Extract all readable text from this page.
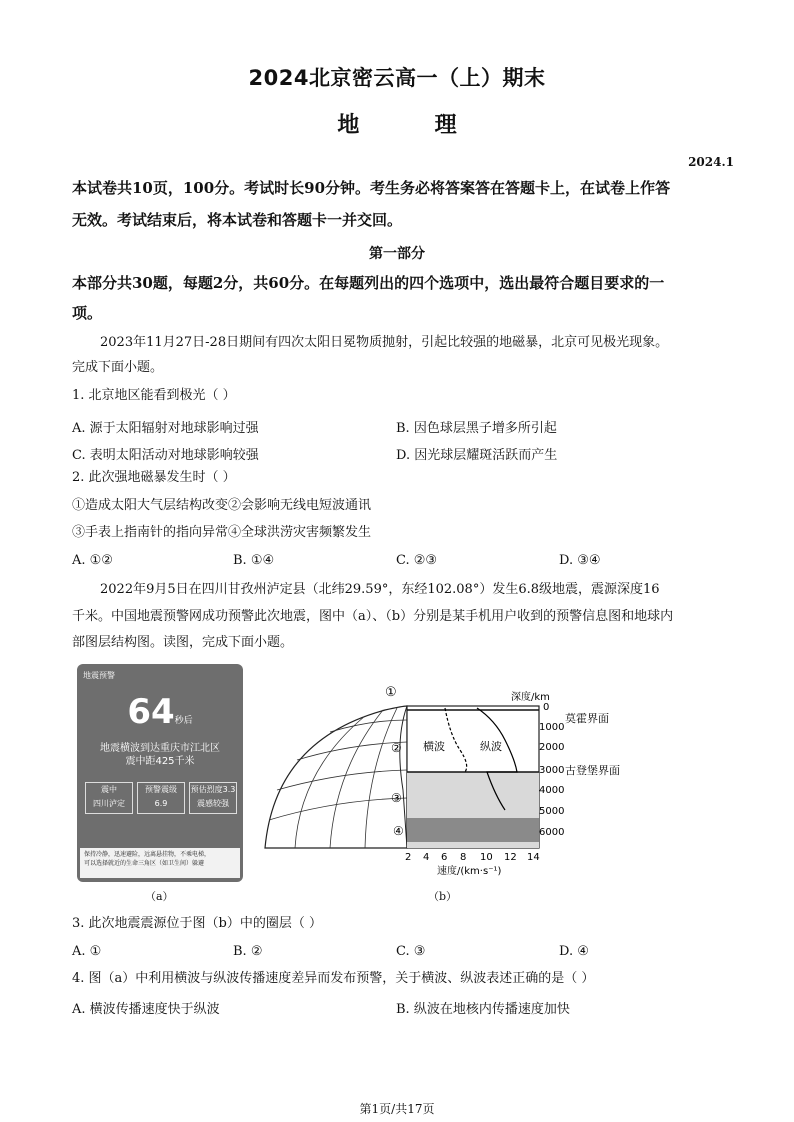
2024北京密云高一（上）期末
地	理
2024.1
本试卷共10页，100分。考试时长90分钟。考生务必将答案答在答题卡上，在试卷上作答
无效。考试结束后，将本试卷和答题卡一并交回。
第一部分
本部分共30题，每题2分，共60分。在每题列出的四个选项中，选出最符合题目要求的一
项。
2023年11月27日-28日期间有四次太阳日冕物质抛射，引起比较强的地磁暴，北京可见极光现象。
完成下面小题。
1. 北京地区能看到极光（ ）
A. 源于太阳辐射对地球影响过强	B. 因色球层黑子增多所引起
C. 表明太阳活动对地球影响较强	D. 因光球层耀斑活跃而产生
2. 此次强地磁暴发生时（ ）
①造成太阳大气层结构改变②会影响无线电短波通讯
③手表上指南针的指向异常④全球洪涝灾害频繁发生
A. ①②	B. ①④	C. ②③	D. ③④
2022年9月5日在四川甘孜州泸定县（北纬29.59°，东经102.08°）发生6.8级地震，震源深度16
千米。中国地震预警网成功预警此次地震，图中（a）、（b）分别是某手机用户收到的预警信息图和地球内
部图层结构图。读图，完成下面小题。
地震预警
64秒后
地震横波到达重庆市江北区
震中距425千米
震中
四川泸定
预警震级
6.9
预估烈度3.3
震感较强
保持冷静，迅速避险，远离悬挂物，不乘电梯，
可以选择就近的生命三角区（如卫生间）躲避
（a）
横波	纵波
①
②
③
④
深度/km
0
1000
2000
3000
4000
5000
6000
莫霍界面
古登堡界面
2 4 6 8 10 12 14
速度/(km·s⁻¹)
（b）
3. 此次地震震源位于图（b）中的圈层（ ）
A. ①	B. ②	C. ③	D. ④
4. 图（a）中利用横波与纵波传播速度差异而发布预警，关于横波、纵波表述正确的是（ ）
A. 横波传播速度快于纵波	B. 纵波在地核内传播速度加快
第1页/共17页
